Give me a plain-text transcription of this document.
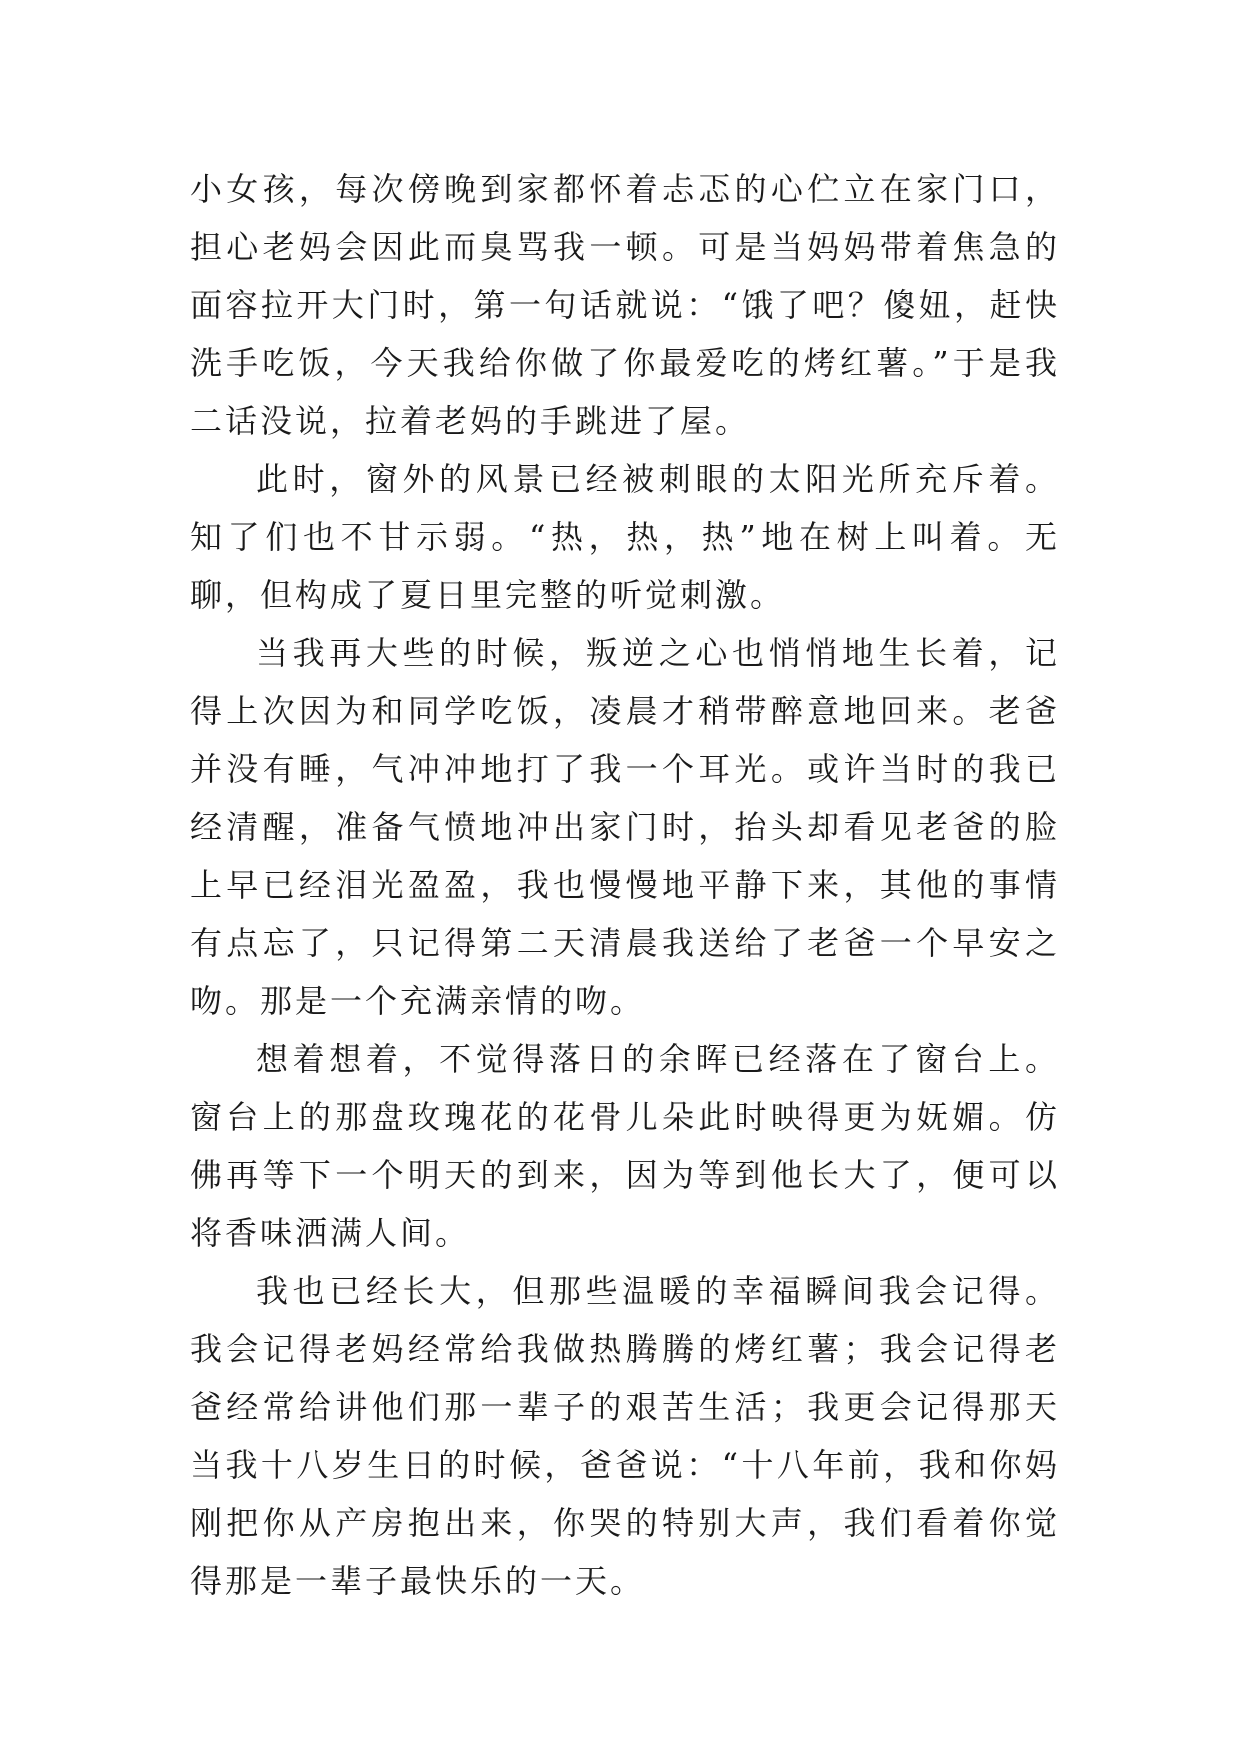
小女孩，每次傍晚到家都怀着忐忑的心伫立在家门口，担心老妈会因此而臭骂我一顿。可是当妈妈带着焦急的面容拉开大门时，第一句话就说：“饿了吧？傻妞，赶快洗手吃饭，今天我给你做了你最爱吃的烤红薯。”于是我二话没说，拉着老妈的手跳进了屋。

此时，窗外的风景已经被刺眼的太阳光所充斥着。知了们也不甘示弱。“热，热，热”地在树上叫着。无聊，但构成了夏日里完整的听觉刺激。

当我再大些的时候，叛逆之心也悄悄地生长着，记得上次因为和同学吃饭，凌晨才稍带醉意地回来。老爸并没有睡，气冲冲地打了我一个耳光。或许当时的我已经清醒，准备气愤地冲出家门时，抬头却看见老爸的脸上早已经泪光盈盈，我也慢慢地平静下来，其他的事情有点忘了，只记得第二天清晨我送给了老爸一个早安之吻。那是一个充满亲情的吻。

想着想着，不觉得落日的余晖已经落在了窗台上。窗台上的那盘玫瑰花的花骨儿朵此时映得更为妩媚。仿佛再等下一个明天的到来，因为等到他长大了，便可以将香味洒满人间。

我也已经长大，但那些温暖的幸福瞬间我会记得。我会记得老妈经常给我做热腾腾的烤红薯；我会记得老爸经常给讲他们那一辈子的艰苦生活；我更会记得那天当我十八岁生日的时候，爸爸说：“十八年前，我和你妈刚把你从产房抱出来，你哭的特别大声，我们看着你觉得那是一辈子最快乐的一天。
